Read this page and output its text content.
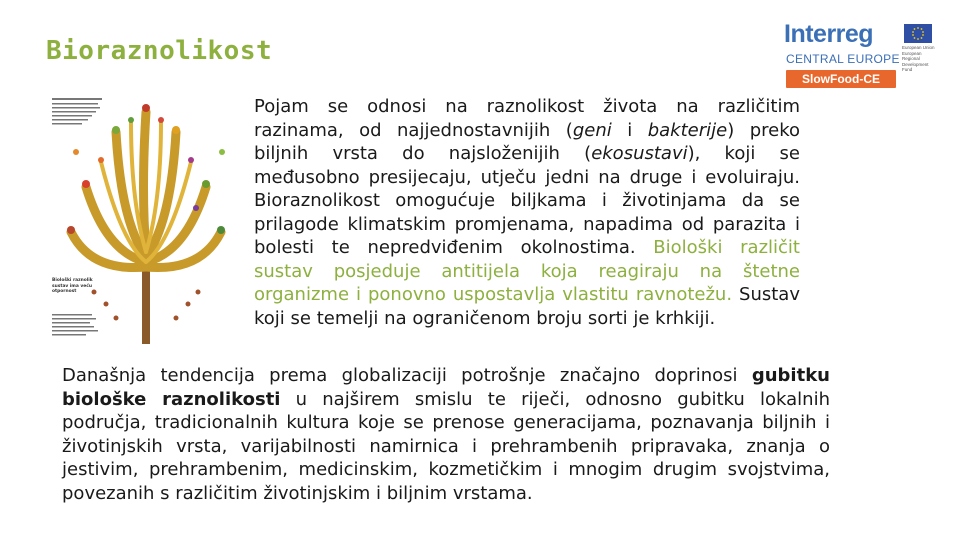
Bioraznolikost
Interreg
CENTRAL EUROPE
European Union European Regional Development Fund
SlowFood-CE
Biološki raznolik sustav ima veću otpornost

Pojam se odnosi na raznolikost života na različitim razinama, od najjednostavnijih (geni i bakterije) preko biljnih vrsta do najsloženijih (ekosustavi), koji se međusobno presijecaju, utječu jedni na druge i evoluiraju. Bioraznolikost omogućuje biljkama i životinjama da se prilagode klimatskim promjenama, napadima od parazita i bolesti te nepredviđenim okolnostima. Biološki različit sustav posjeduje antitijela koja reagiraju na štetne organizme i ponovno uspostavlja vlastitu ravnotežu. Sustav koji se temelji na ograničenom broju sorti je krhkiji.

Današnja tendencija prema globalizaciji potrošnje značajno doprinosi gubitku biološke raznolikosti u najširem smislu te riječi, odnosno gubitku lokalnih područja, tradicionalnih kultura koje se prenose generacijama, poznavanja biljnih i životinjskih vrsta, varijabilnosti namirnica i prehrambenih pripravaka, znanja o jestivim, prehrambenim, medicinskim, kozmetičkim i mnogim drugim svojstvima, povezanih s različitim životinjskim i biljnim vrstama.
